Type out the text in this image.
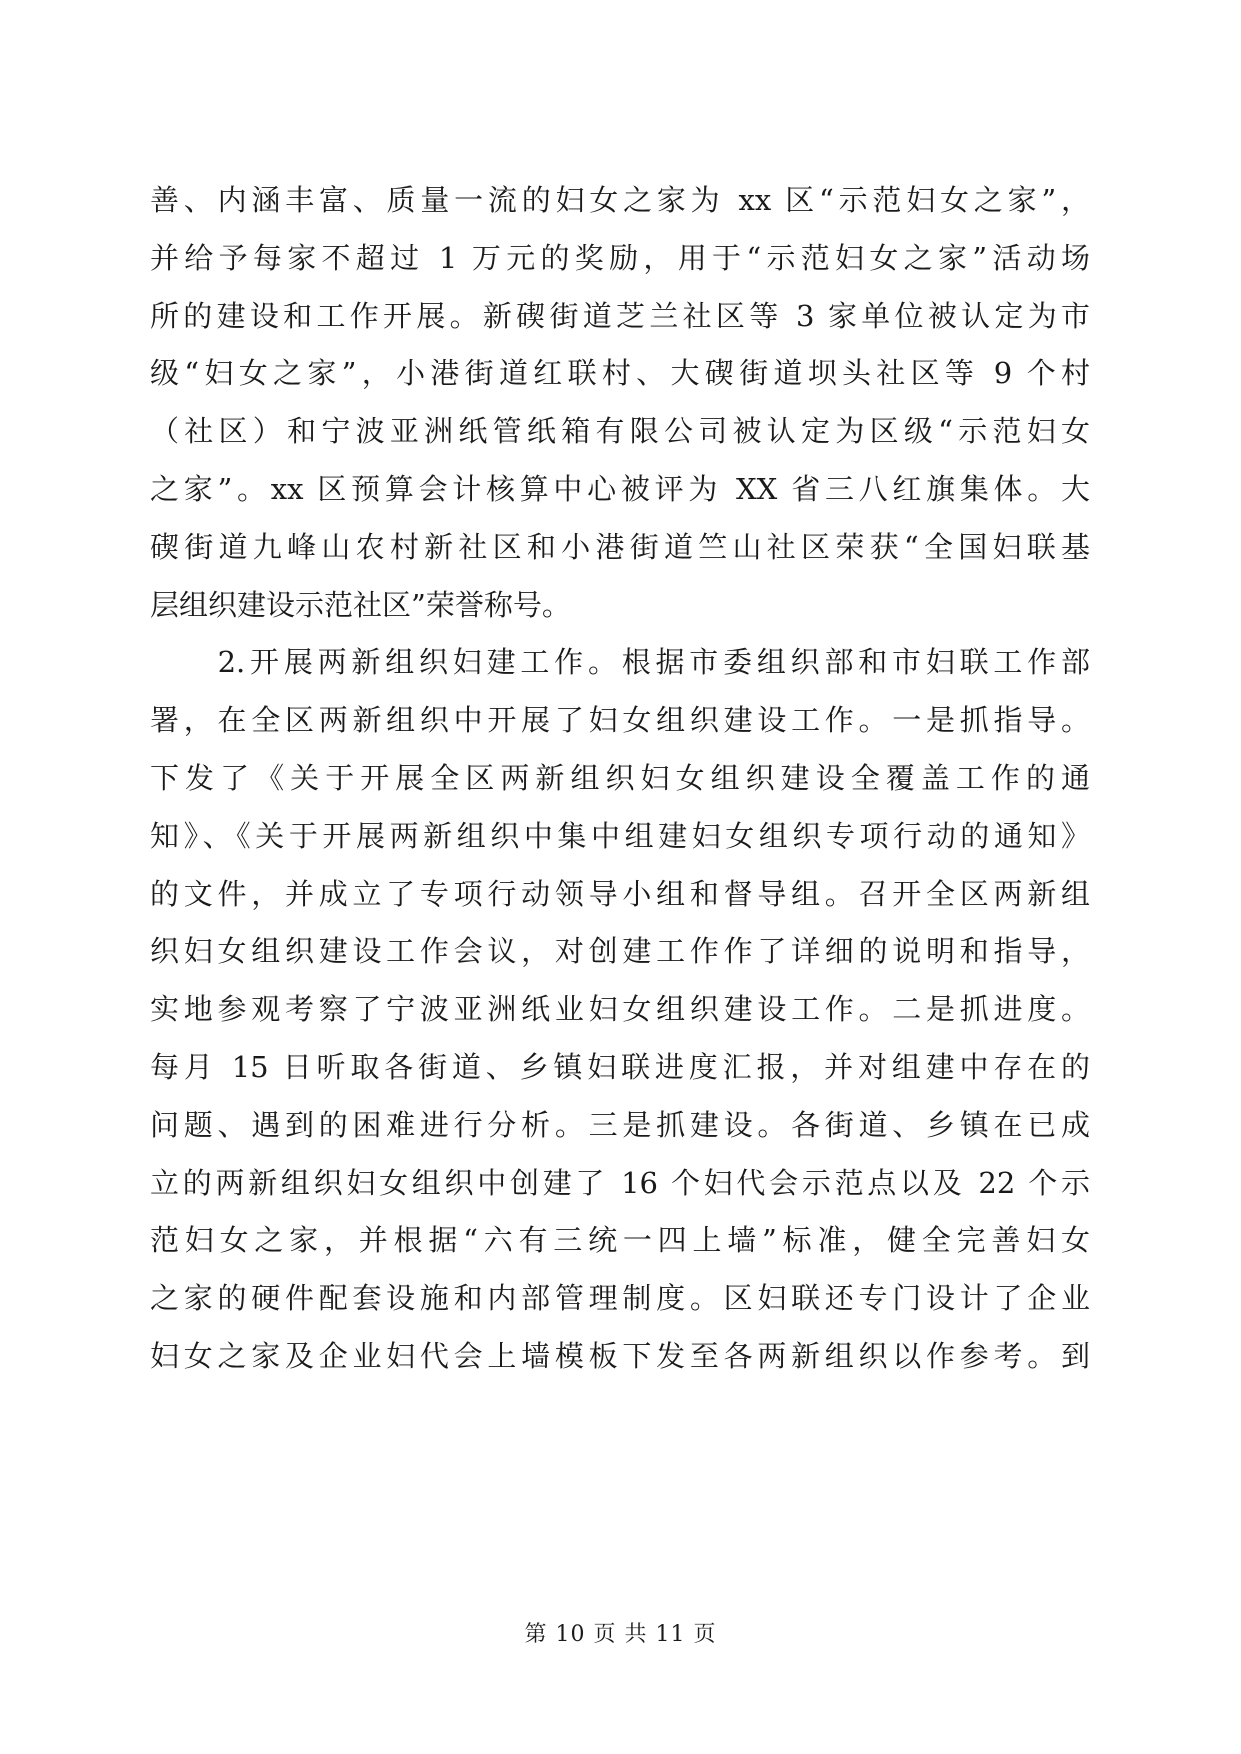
善、内涵丰富、质量一流的妇女之家为 xx 区“示范妇女之家”，
并给予每家不超过 1 万元的奖励，用于“示范妇女之家”活动场
所的建设和工作开展。新碶街道芝兰社区等 3 家单位被认定为市
级“妇女之家”，小港街道红联村、大碶街道坝头社区等 9 个村
（社区）和宁波亚洲纸管纸箱有限公司被认定为区级“示范妇女
之家”。xx 区预算会计核算中心被评为 XX 省三八红旗集体。大
碶街道九峰山农村新社区和小港街道竺山社区荣获“全国妇联基
层组织建设示范社区”荣誉称号。
　　2.开展两新组织妇建工作。根据市委组织部和市妇联工作部
署，在全区两新组织中开展了妇女组织建设工作。一是抓指导。
下发了《关于开展全区两新组织妇女组织建设全覆盖工作的通
知》、《关于开展两新组织中集中组建妇女组织专项行动的通知》
的文件，并成立了专项行动领导小组和督导组。召开全区两新组
织妇女组织建设工作会议，对创建工作作了详细的说明和指导，
实地参观考察了宁波亚洲纸业妇女组织建设工作。二是抓进度。
每月 15 日听取各街道、乡镇妇联进度汇报，并对组建中存在的
问题、遇到的困难进行分析。三是抓建设。各街道、乡镇在已成
立的两新组织妇女组织中创建了 16 个妇代会示范点以及 22 个示
范妇女之家，并根据“六有三统一四上墙”标准，健全完善妇女
之家的硬件配套设施和内部管理制度。区妇联还专门设计了企业
妇女之家及企业妇代会上墙模板下发至各两新组织以作参考。到
第 10 页 共 11 页
